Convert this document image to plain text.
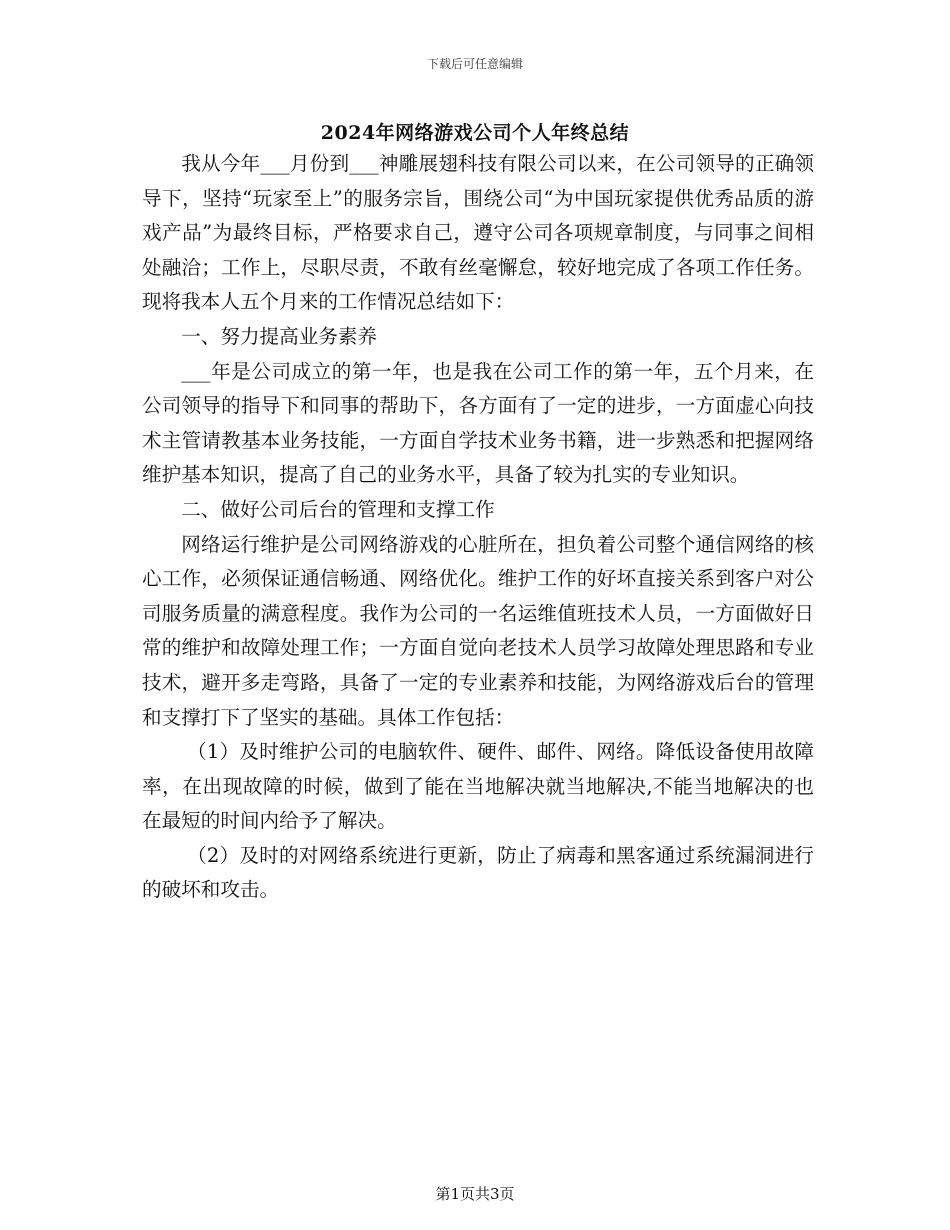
下载后可任意编辑
2024年网络游戏公司个人年终总结

我从今年___月份到___神雕展翅科技有限公司以来，在公司领导的正确领导下，坚持“玩家至上”的服务宗旨，围绕公司“为中国玩家提供优秀品质的游戏产品”为最终目标，严格要求自己，遵守公司各项规章制度，与同事之间相处融洽；工作上，尽职尽责，不敢有丝毫懈怠，较好地完成了各项工作任务。现将我本人五个月来的工作情况总结如下：

一、努力提高业务素养

___年是公司成立的第一年，也是我在公司工作的第一年，五个月来，在公司领导的指导下和同事的帮助下，各方面有了一定的进步，一方面虚心向技术主管请教基本业务技能，一方面自学技术业务书籍，进一步熟悉和把握网络维护基本知识，提高了自己的业务水平，具备了较为扎实的专业知识。

二、做好公司后台的管理和支撑工作

网络运行维护是公司网络游戏的心脏所在，担负着公司整个通信网络的核心工作，必须保证通信畅通、网络优化。维护工作的好坏直接关系到客户对公司服务质量的满意程度。我作为公司的一名运维值班技术人员，一方面做好日常的维护和故障处理工作；一方面自觉向老技术人员学习故障处理思路和专业技术，避开多走弯路，具备了一定的专业素养和技能，为网络游戏后台的管理和支撑打下了坚实的基础。具体工作包括：

（1）及时维护公司的电脑软件、硬件、邮件、网络。降低设备使用故障率，在出现故障的时候，做到了能在当地解决就当地解决,不能当地解决的也在最短的时间内给予了解决。

（2）及时的对网络系统进行更新，防止了病毒和黑客通过系统漏洞进行的破坏和攻击。

第1页共3页
